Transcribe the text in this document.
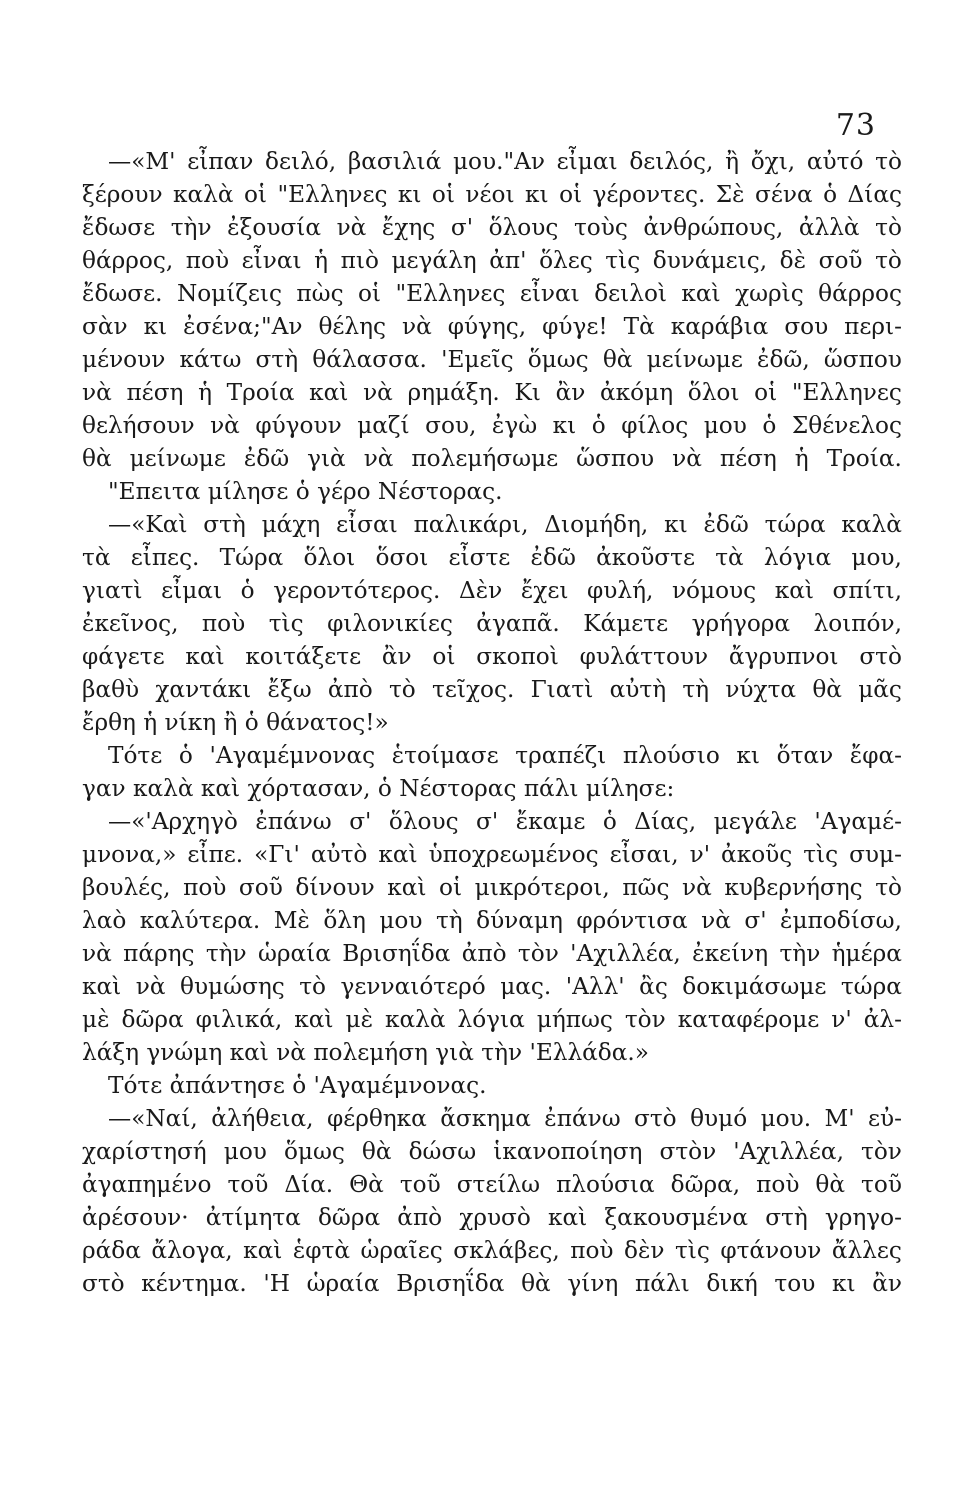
73
—«Μ' εἶπαν δειλό, βασιλιά μου."Αν εἶμαι δειλός, ἢ ὄχι, αὐτό τὸ
ξέρουν καλὰ οἱ "Ελληνες κι οἱ νέοι κι οἱ γέροντες. Σὲ σένα ὁ Δίας
ἔδωσε τὴν ἐξουσία νὰ ἔχης σ' ὅλους τοὺς ἀνθρώπους, ἀλλὰ τὸ
θάρρος, ποὺ εἶναι ἡ πιὸ μεγάλη ἀπ' ὅλες τὶς δυνάμεις, δὲ σοῦ τὸ
ἔδωσε. Νομίζεις πὼς οἱ "Ελληνες εἶναι δειλοὶ καὶ χωρὶς θάρρος
σὰν κι ἐσένα;"Αν θέλης νὰ φύγης, φύγε! Τὰ καράβια σου περι-
μένουν κάτω στὴ θάλασσα. 'Εμεῖς ὅμως θὰ μείνωμε ἐδῶ, ὥσπου
νὰ πέση ἡ Τροία καὶ νὰ ρημάξη. Κι ἂν ἀκόμη ὅλοι οἱ "Ελληνες
θελήσουν νὰ φύγουν μαζί σου, ἐγὼ κι ὁ φίλος μου ὁ Σθένελος
θὰ μείνωμε ἐδῶ γιὰ νὰ πολεμήσωμε ὥσπου νὰ πέση ἡ Τροία.
"Επειτα μίλησε ὁ γέρο Νέστορας.
—«Καὶ στὴ μάχη εἶσαι παλικάρι, Διομήδη, κι ἐδῶ τώρα καλὰ
τὰ εἶπες. Τώρα ὅλοι ὅσοι εἶστε ἐδῶ ἀκοῦστε τὰ λόγια μου,
γιατὶ εἶμαι ὁ γεροντότερος. Δὲν ἔχει φυλή, νόμους καὶ σπίτι,
ἐκεῖνος, ποὺ τὶς φιλονικίες ἀγαπᾶ. Κάμετε γρήγορα λοιπόν,
φάγετε καὶ κοιτάξετε ἂν οἱ σκοποὶ φυλάττουν ἄγρυπνοι στὸ
βαθὺ χαντάκι ἔξω ἀπὸ τὸ τεῖχος. Γιατὶ αὐτὴ τὴ νύχτα θὰ μᾶς
ἔρθη ἡ νίκη ἢ ὁ θάνατος!»
Τότε ὁ 'Αγαμέμνονας ἑτοίμασε τραπέζι πλούσιο κι ὅταν ἔφα-
γαν καλὰ καὶ χόρτασαν, ὁ Νέστορας πάλι μίλησε:
—«'Αρχηγὸ ἐπάνω σ' ὅλους σ' ἔκαμε ὁ Δίας, μεγάλε 'Αγαμέ-
μνονα,» εἶπε. «Γι' αὐτὸ καὶ ὑποχρεωμένος εἶσαι, ν' ἀκοῦς τὶς συμ-
βουλές, ποὺ σοῦ δίνουν καὶ οἱ μικρότεροι, πῶς νὰ κυβερνήσης τὸ
λαὸ καλύτερα. Μὲ ὅλη μου τὴ δύναμη φρόντισα νὰ σ' ἐμποδίσω,
νὰ πάρης τὴν ὡραία Βρισηΐδα ἀπὸ τὸν 'Αχιλλέα, ἐκείνη τὴν ἡμέρα
καὶ νὰ θυμώσης τὸ γενναιότερό μας. 'Αλλ' ἂς δοκιμάσωμε τώρα
μὲ δῶρα φιλικά, καὶ μὲ καλὰ λόγια μήπως τὸν καταφέρομε ν' ἀλ-
λάξη γνώμη καὶ νὰ πολεμήση γιὰ τὴν 'Ελλάδα.»
Τότε ἀπάντησε ὁ 'Αγαμέμνονας.
—«Ναί, ἀλήθεια, φέρθηκα ἄσκημα ἐπάνω στὸ θυμό μου. Μ' εὐ-
χαρίστησή μου ὅμως θὰ δώσω ἱκανοποίηση στὸν 'Αχιλλέα, τὸν
ἀγαπημένο τοῦ Δία. Θὰ τοῦ στείλω πλούσια δῶρα, ποὺ θὰ τοῦ
ἀρέσουν· ἀτίμητα δῶρα ἀπὸ χρυσὸ καὶ ξακουσμένα στὴ γρηγο-
ράδα ἄλογα, καὶ ἑφτὰ ὡραῖες σκλάβες, ποὺ δὲν τὶς φτάνουν ἄλλες
στὸ κέντημα. 'Η ὡραία Βρισηΐδα θὰ γίνη πάλι δική του κι ἂν
